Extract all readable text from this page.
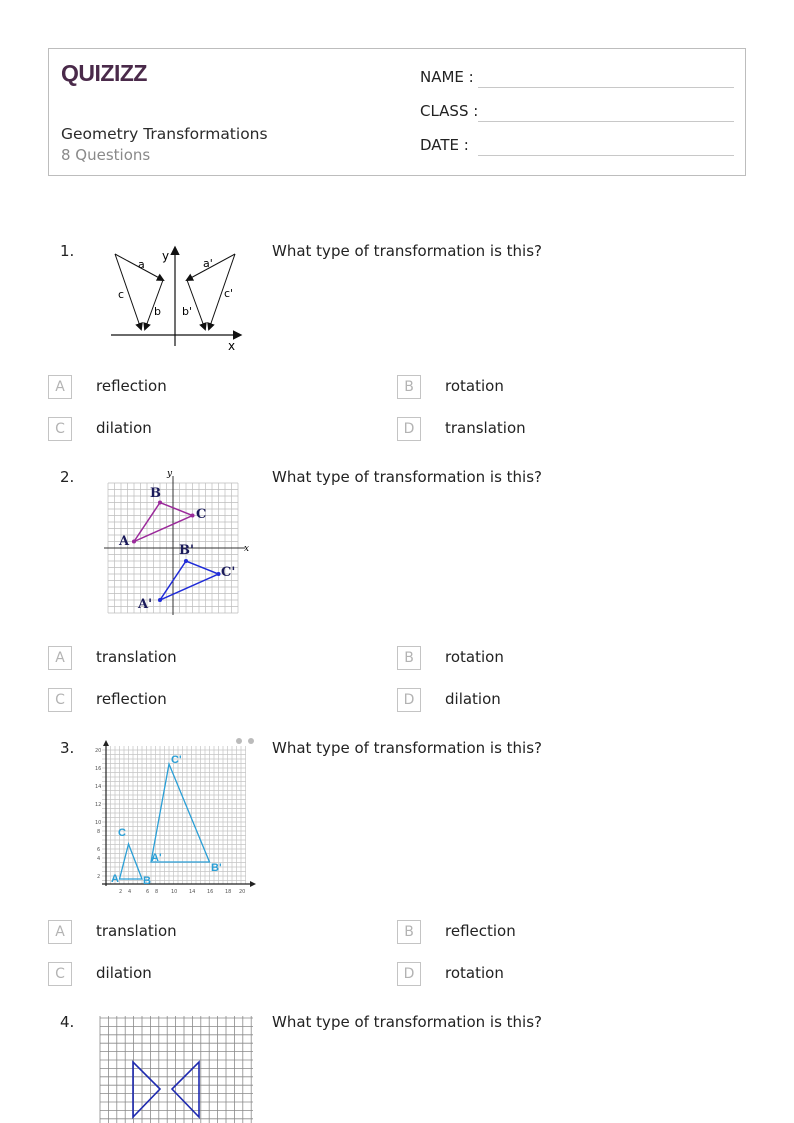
QUIZIZZ
Geometry Transformations
8 Questions
NAME :
CLASS :
DATE :
1.	y
x
a
b
c
a'
b'
c'
What type of transformation is this?
A	reflection	B	rotation
C	dilation	D	translation
2.	y
x
A
B
C
A'
B'
C'
What type of transformation is this?
A	translation	B	rotation
C	reflection	D	dilation
3.	20
16
14
12
10
8
6
4
2
2 4	6 8	10 14 16 18 20
A B
C
A'
B'
C'
What type of transformation is this?
A	translation	B	reflection
C	dilation	D	rotation
4.	What type of transformation is this?
